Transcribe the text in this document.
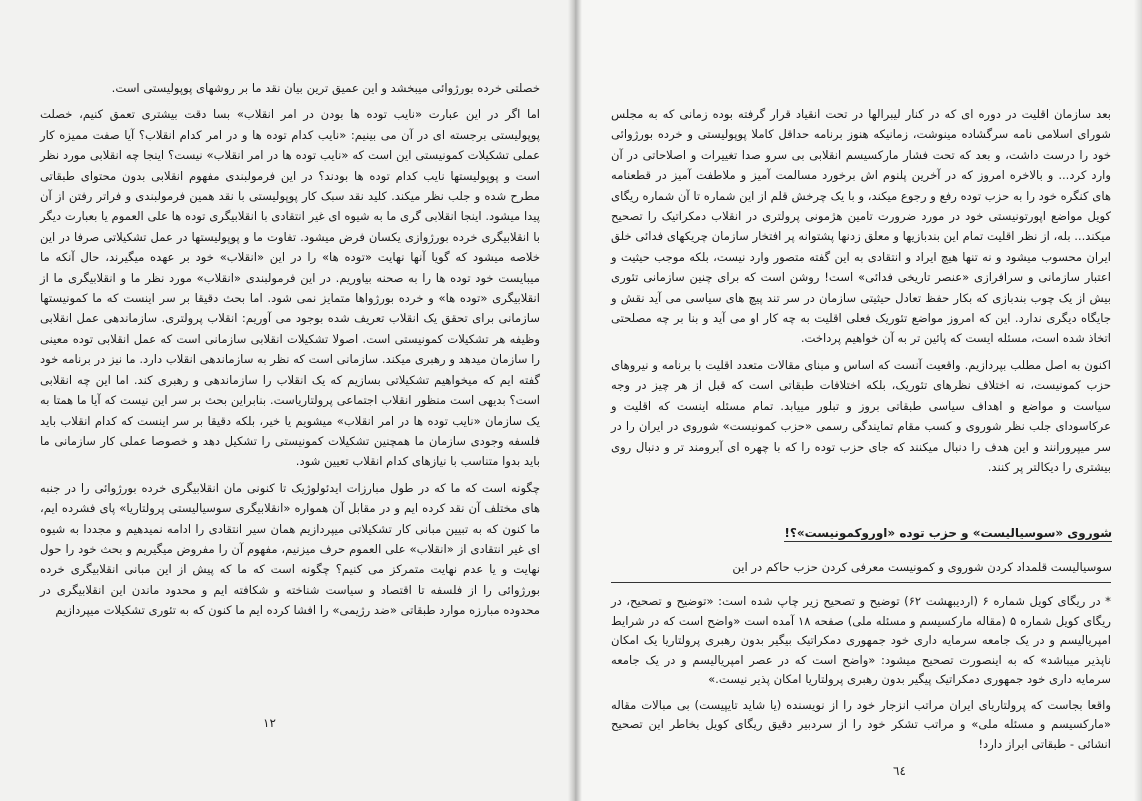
خصلتی خرده بورژوائی میبخشد و این عمیق ترین بیان نقد ما بر روشهای پوپولیستی است.

اما اگر در این عبارت «نایب توده ها بودن در امر انقلاب» بسا دقت بیشتری تعمق کنیم، خصلت پوپولیستی برجسته ای در آن می بینیم: «نایب کدام توده ها و در امر کدام انقلاب؟ آیا صفت ممیزه کار عملی تشکیلات کمونیستی این است که «نایب توده ها در امر انقلاب» نیست؟ اینجا چه انقلابی مورد نظر است و پوپولیستها نایب کدام توده ها بودند؟ در این فرمولبندی مفهوم انقلابی بدون محتوای طبقاتی مطرح شده و جلب نظر میکند. کلید نقد سبک کار پوپولیستی با نقد همین فرمولبندی و فراتر رفتن از آن پیدا میشود. اینجا انقلابی گری ما به شیوه ای غیر انتقادی با انقلابیگری توده ها علی العموم یا بعبارت دیگر با انقلابیگری خرده بورژوازی یکسان فرض میشود. تفاوت ما و پوپولیستها در عمل تشکیلاتی صرفا در این خلاصه میشود که گویا آنها نهایت «توده ها» را در این «انقلاب» خود بر عهده میگیرند، حال آنکه ما میبایست خود توده ها را به صحنه بیاوریم. در این فرمولبندی «انقلاب» مورد نظر ما و انقلابیگری ما از انقلابیگری «توده ها» و خرده بورژواها متمایز نمی شود. اما بحث دقیقا بر سر اینست که ما کمونیستها سازمانی برای تحقق یک انقلاب تعریف شده بوجود می آوریم: انقلاب پرولتری. سازماندهی عمل انقلابی وظیفه هر تشکیلات کمونیستی است. اصولا تشکیلات انقلابی سازمانی است که عمل انقلابی توده معینی را سازمان میدهد و رهبری میکند. سازمانی است که نظر به سازماندهی انقلاب دارد. ما نیز در برنامه خود گفته ایم که میخواهیم تشکیلاتی بسازیم که یک انقلاب را سازماندهی و رهبری کند. اما این چه انقلابی است؟ بدیهی است منظور انقلاب اجتماعی پرولتاریاست. بنابراین بحث بر سر این نیست که آیا ما همتا به یک سازمان «نایب توده ها در امر انقلاب» میشویم یا خیر، بلکه دقیقا بر سر اینست که کدام انقلاب باید فلسفه وجودی سازمان ما همچنین تشکیلات کمونیستی را تشکیل دهد و خصوصا عملی کار سازمانی ما باید بدوا متناسب با نیازهای کدام انقلاب تعیین شود.

چگونه است که ما که در طول مبارزات ایدئولوژیک تا کنونی مان انقلابیگری خرده بورژوائی را در جنبه های مختلف آن نقد کرده ایم و در مقابل آن همواره «انقلابیگری سوسیالیستی پرولتاریا» پای فشرده ایم، ما کنون که به تبیین مبانی کار تشکیلاتی میپردازیم همان سیر انتقادی را ادامه نمیدهیم و مجددا به شیوه ای غیر انتقادی از «انقلاب» علی العموم حرف میزنیم، مفهوم آن را مفروض میگیریم و بحث خود را حول نهایت و یا عدم نهایت متمرکز می کنیم؟ چگونه است که ما که پیش از این مبانی انقلابیگری خرده بورژوائی را از فلسفه تا اقتصاد و سیاست شناخته و شکافته ایم و محدود ماندن این انقلابیگری در محدوده مبارزه موارد طبقاتی «ضد رژیمی» را افشا کرده ایم ما کنون که به تئوری تشکیلات میپردازیم

١٢

بعد سازمان اقلیت در دوره ای که در کنار لیبرالها در تحت انقیاد قرار گرفته بوده زمانی که به مجلس شورای اسلامی نامه سرگشاده مینوشت، زمانیکه هنوز برنامه حداقل کاملا پوپولیستی و خرده بورژوائی خود را درست داشت، و بعد که تحت فشار مارکسیسم انقلابی بی سرو صدا تغییرات و اصلاحاتی در آن وارد کرد... و بالاخره امروز که در آخرین پلنوم اش برخورد مسالمت آمیز و ملاطفت آمیز در قطعنامه های کنگره خود را به حزب توده رفع و رجوع میکند، و با یک چرخش قلم از این شماره تا آن شماره ریگای کویل مواضع اپورتونیستی خود در مورد ضرورت تامین هژمونی پرولتری در انقلاب دمکراتیک را تصحیح میکند... بله، از نظر اقلیت تمام این بندبازیها و معلق زدنها پشتوانه پر افتخار سازمان چریکهای فدائی خلق ایران محسوب میشود و نه تنها هیچ ایراد و انتقادی به این گفته متصور وارد نیست، بلکه موجب حیثیت و اعتبار سازمانی و سرافرازی «عنصر تاریخی فدائی» است! روشن است که برای چنین سازمانی تئوری بیش از یک چوب بندبازی که بکار حفظ تعادل حیثیتی سازمان در سر تند پیچ های سیاسی می آید نقش و جایگاه دیگری ندارد. این که امروز مواضع تئوریک فعلی اقلیت به چه کار او می آید و بنا بر چه مصلحتی اتخاذ شده است، مسئله ایست که پائین تر به آن خواهیم پرداخت.

اکنون به اصل مطلب بپردازیم. واقعیت آنست که اساس و مبنای مقالات متعدد اقلیت با برنامه و نیروهای حزب کمونیست، نه اختلاف نظرهای تئوریک، بلکه اختلافات طبقاتی است که قبل از هر چیز در وجه سیاست و مواضع و اهداف سیاسی طبقاتی بروز و تبلور مییابد. تمام مسئله اینست که اقلیت و عرکاسودای جلب نظر شوروی و کسب مقام تمایندگی رسمی «حزب کمونیست» شوروی در ایران را در سر میپرورانند و این هدف را دنبال میکنند که جای حزب توده را که با چهره ای آبرومند تر و دنبال روی بیشتری را دیکالتر پر کنند.

شوروی «سوسیالیست» و حزب توده «اوروکمونیست»؟!
سوسیالیست قلمداد کردن شوروی و کمونیست معرفی کردن حزب حاکم در این

* در ریگای کویل شماره ۶ (اردیبهشت ۶۲) توضیح و تصحیح زیر چاپ شده است: «توضیح و تصحیح، در ریگای کویل شماره ۵ (مقاله مارکسیسم و مسئله ملی) صفحه ۱۸ آمده است «واضح است که در شرایط امپریالیسم و در یک جامعه سرمایه داری خود جمهوری دمکراتیک بیگیر بدون رهبری پرولتاریا یک امکان ناپذیر میباشد» که به اینصورت تصحیح میشود: «واضح است که در عصر امپریالیسم و در یک جامعه سرمایه داری خود جمهوری دمکراتیک پیگیر بدون رهبری پرولتاریا امکان پذیر نیست.»

واقعا بجاست که پرولتاریای ایران مراتب انزجار خود را از نویسنده (یا شاید تایپیست) بی مبالات مقاله «مارکسیسم و مسئله ملی» و مراتب تشکر خود را از سردبیر دقیق ریگای کویل بخاطر این تصحیح انشائی - طبقاتی ابراز دارد!

٦٤
